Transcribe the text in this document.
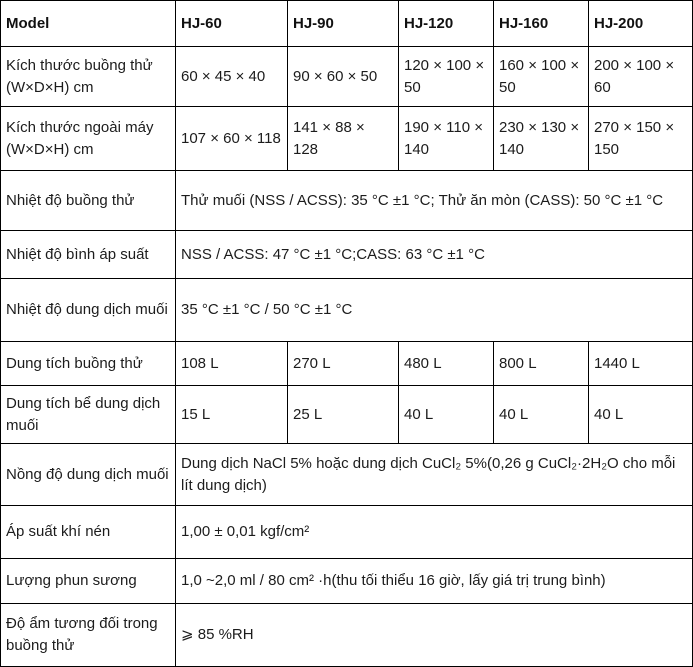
Model	HJ-60	HJ-90	HJ-120	HJ-160	HJ-200
Kích thước buồng thử (W×D×H) cm	60 × 45 × 40	90 × 60 × 50	120 × 100 × 50	160 × 100 × 50	200 × 100 × 60
Kích thước ngoài máy (W×D×H) cm	107 × 60 × 118	141 × 88 × 128	190 × 110 × 140	230 × 130 × 140	270 × 150 × 150
Nhiệt độ buồng thử	Thử muối (NSS / ACSS): 35 °C ±1 °C; Thử ăn mòn (CASS): 50 °C ±1 °C				
Nhiệt độ bình áp suất	NSS / ACSS: 47 °C ±1 °C;CASS: 63 °C ±1 °C				
Nhiệt độ dung dịch muối	35 °C ±1 °C / 50 °C ±1 °C				
Dung tích buồng thử	108 L	270 L	480 L	800 L	1440 L
Dung tích bể dung dịch muối	15 L	25 L	40 L	40 L	40 L
Nồng độ dung dịch muối	Dung dịch NaCl 5% hoặc dung dịch CuCl₂ 5%(0,26 g CuCl₂·2H₂O cho mỗi lít dung dịch)				
Áp suất khí nén	1,00 ± 0,01 kgf/cm²				
Lượng phun sương	1,0 ~2,0 ml / 80 cm² ·h(thu tối thiểu 16 giờ, lấy giá trị trung bình)				
Độ ẩm tương đối trong buồng thử	⩾ 85 %RH				
